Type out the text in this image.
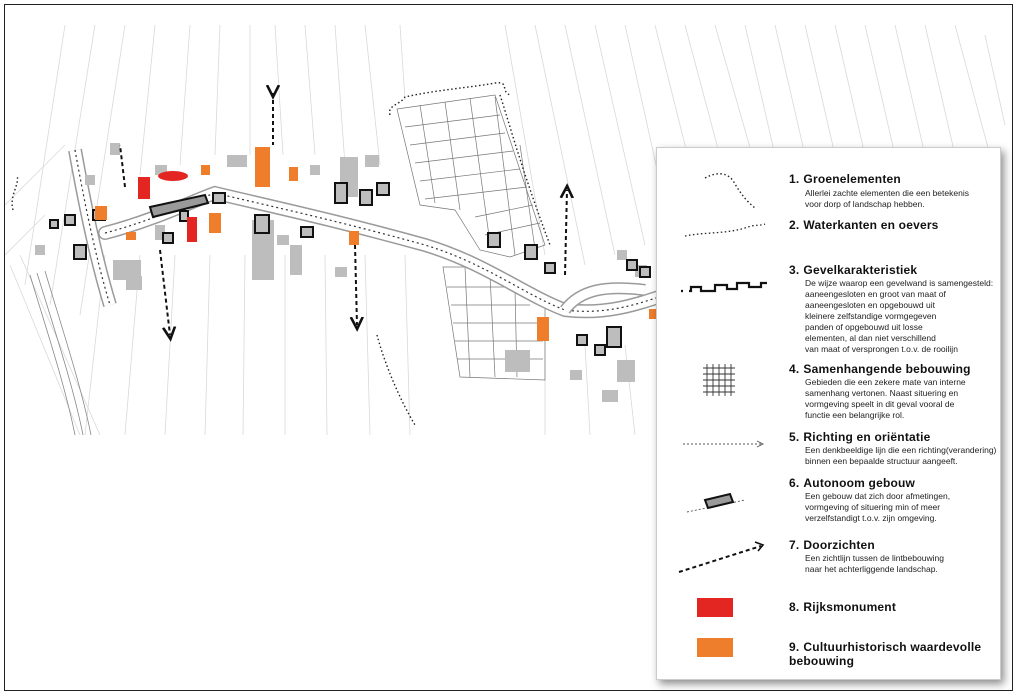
1. Groenelementen
Allerlei zachte elementen die een betekenis
voor dorp of landschap hebben.
2. Waterkanten en oevers
3. Gevelkarakteristiek
De wijze waarop een gevelwand is samengesteld:
aaneengesloten en groot van maat of
aaneengesloten en opgebouwd uit
kleinere zelfstandige vormgegeven
panden of opgebouwd uit losse
elementen, al dan niet verschillend
van maat of versprongen t.o.v. de rooilijn
4. Samenhangende bebouwing
Gebieden die een zekere mate van interne
samenhang vertonen. Naast situering en
vormgeving speelt in dit geval vooral de
functie een belangrijke rol.
5. Richting en oriëntatie
Een denkbeeldige lijn die een richting(verandering)
binnen een bepaalde structuur aangeeft.
6. Autonoom gebouw
Een gebouw dat zich door afmetingen,
vormgeving of situering min of meer
verzelfstandigt t.o.v. zijn omgeving.
7. Doorzichten
Een zichtlijn tussen de lintbebouwing
naar het achterliggende landschap.
8. Rijksmonument
9. Cultuurhistorisch waardevolle
bebouwing
